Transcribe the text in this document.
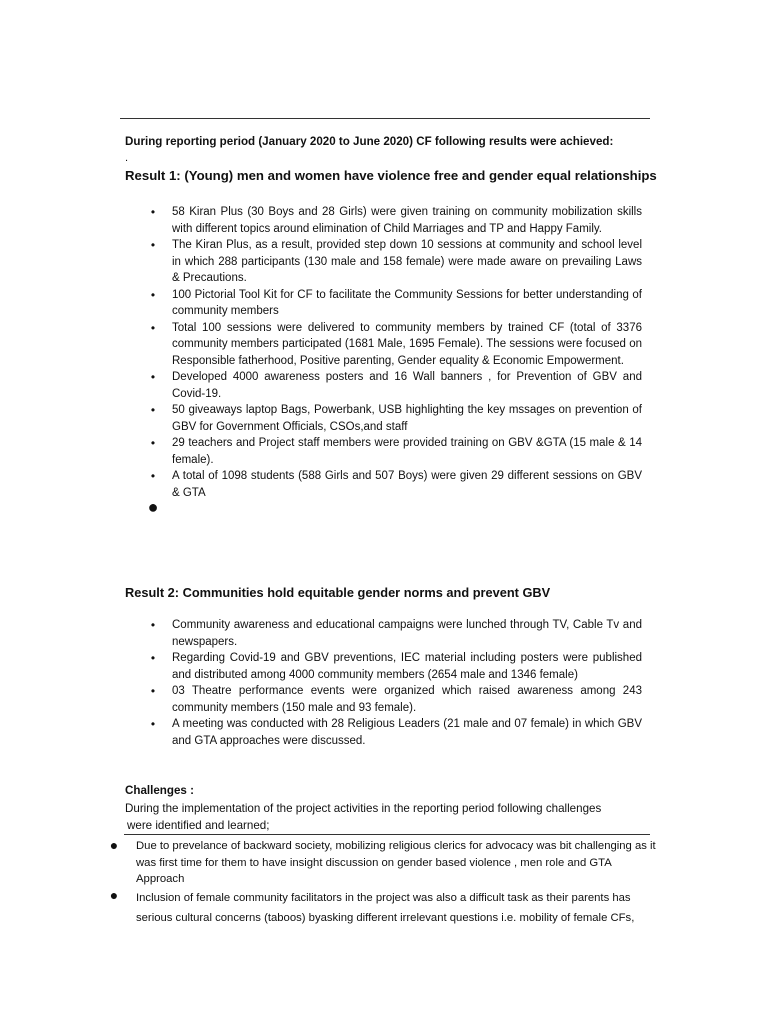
During reporting period (January 2020 to June 2020) CF following results were achieved:
.
Result 1: (Young) men and women have violence free and gender equal relationships
•	58 Kiran Plus (30 Boys and 28 Girls) were given training on community mobilization skills with different topics around elimination of Child Marriages and TP and Happy Family.
•	The Kiran Plus, as a result, provided step down 10 sessions at community and school level in which 288 participants (130 male and 158 female) were made aware on prevailing Laws & Precautions.
•	100 Pictorial Tool Kit for CF to facilitate the Community Sessions for better understanding of community members
•	Total 100 sessions were delivered to community members by trained CF (total of 3376 community members participated (1681 Male, 1695 Female). The sessions were focused on Responsible fatherhood, Positive parenting, Gender equality & Economic Empowerment.
•	Developed 4000 awareness posters and 16 Wall banners , for Prevention of GBV and Covid-19.
•	50 giveaways laptop Bags, Powerbank, USB highlighting the key mssages on prevention of GBV for Government Officials, CSOs,and staff
•	29 teachers and Project staff members were provided training on GBV &GTA (15 male & 14 female).
•	A total of 1098 students (588 Girls and 507 Boys) were given 29 different sessions on GBV & GTA
●
Result 2: Communities hold equitable gender norms and prevent GBV
•	Community awareness and educational campaigns were lunched through TV, Cable Tv and newspapers.
•	Regarding Covid-19 and GBV preventions, IEC material including posters were published and distributed among 4000 community members (2654 male and 1346 female)
•	03 Theatre performance events were organized which raised awareness among 243 community members (150 male and 93 female).
•	A meeting was conducted with 28 Religious Leaders (21 male and 07 female) in which GBV and GTA approaches were discussed.
Challenges :
During the implementation of the project activities in the reporting period following challenges
were identified and learned;
● Due to prevelance of backward society, mobilizing religious clerics for advocacy was bit challenging as it was first time for them to have insight discussion on gender based violence , men role and GTA Approach
● Inclusion of female community facilitators in the project was also a difficult task as their parents has serious cultural concerns (taboos) byasking different irrelevant questions i.e. mobility of female CFs,
